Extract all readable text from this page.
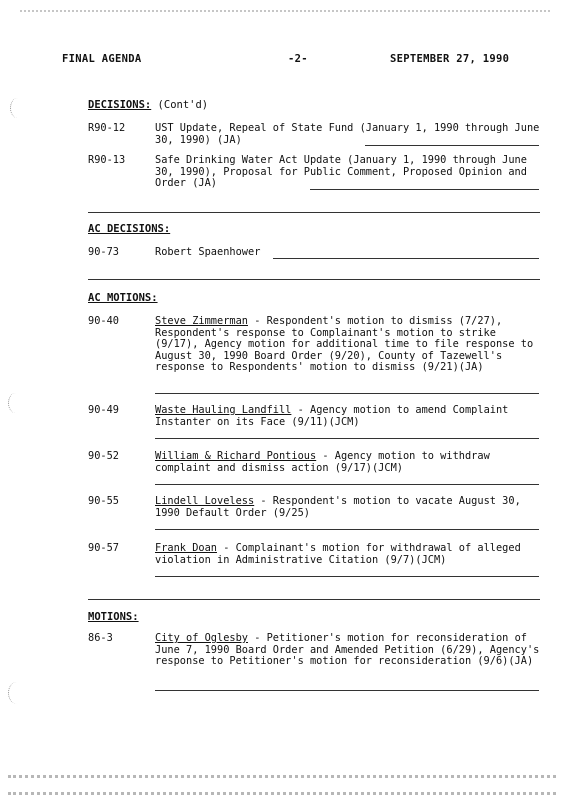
FINAL AGENDA	-2-	SEPTEMBER 27, 1990
DECISIONS: (Cont'd)
R90-12	UST Update, Repeal of State Fund (January 1, 1990 through June 30, 1990) (JA)
R90-13	Safe Drinking Water Act Update (January 1, 1990 through June 30, 1990), Proposal for Public Comment, Proposed Opinion and Order (JA)
AC DECISIONS:
90-73	Robert Spaenhower
AC MOTIONS:
90-40	Steve Zimmerman - Respondent's motion to dismiss (7/27), Respondent's response to Complainant's motion to strike (9/17), Agency motion for additional time to file response to August 30, 1990 Board Order (9/20), County of Tazewell's response to Respondents' motion to dismiss (9/21)(JA)
90-49	Waste Hauling Landfill - Agency motion to amend Complaint Instanter on its Face (9/11)(JCM)
90-52	William & Richard Pontious - Agency motion to withdraw complaint and dismiss action (9/17)(JCM)
90-55	Lindell Loveless - Respondent's motion to vacate August 30, 1990 Default Order (9/25)
90-57	Frank Doan - Complainant's motion for withdrawal of alleged violation in Administrative Citation (9/7)(JCM)
MOTIONS:
86-3	City of Oglesby - Petitioner's motion for reconsideration of June 7, 1990 Board Order and Amended Petition (6/29), Agency's response to Petitioner's motion for reconsideration (9/6)(JA)
